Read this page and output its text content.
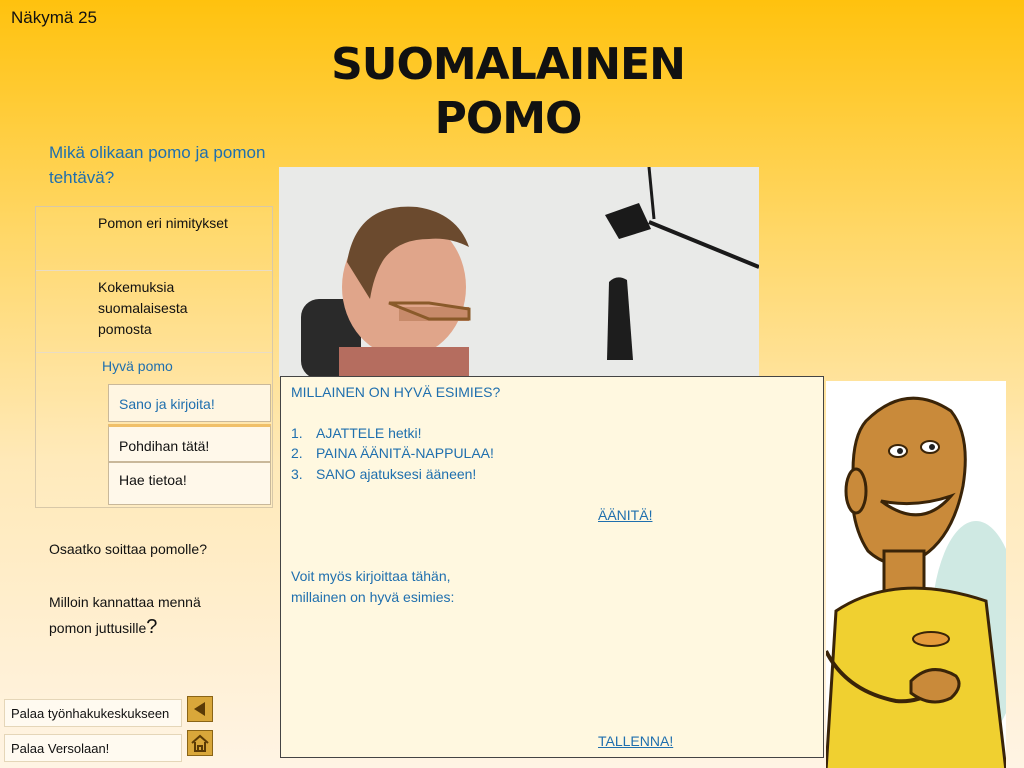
Näkymä 25
SUOMALAINEN
POMO
Mikä olikaan pomo ja pomon tehtävä?
Pomon eri nimitykset
Kokemuksia
suomalaisesta
pomosta
Hyvä pomo
Sano ja kirjoita!
Pohdihan tätä!
Hae tietoa!
Osaatko soittaa pomolle?
Milloin kannattaa mennä
pomon juttusille?
MILLAINEN ON HYVÄ ESIMIES?
1. AJATTELE hetki!
2. PAINA ÄÄNITÄ-NAPPULAA!
3. SANO ajatuksesi ääneen!
ÄÄNITÄ!
Voit myös kirjoittaa tähän,
millainen on hyvä esimies:
TALLENNA!
Palaa työnhakukeskukseen
Palaa Versolaan!
